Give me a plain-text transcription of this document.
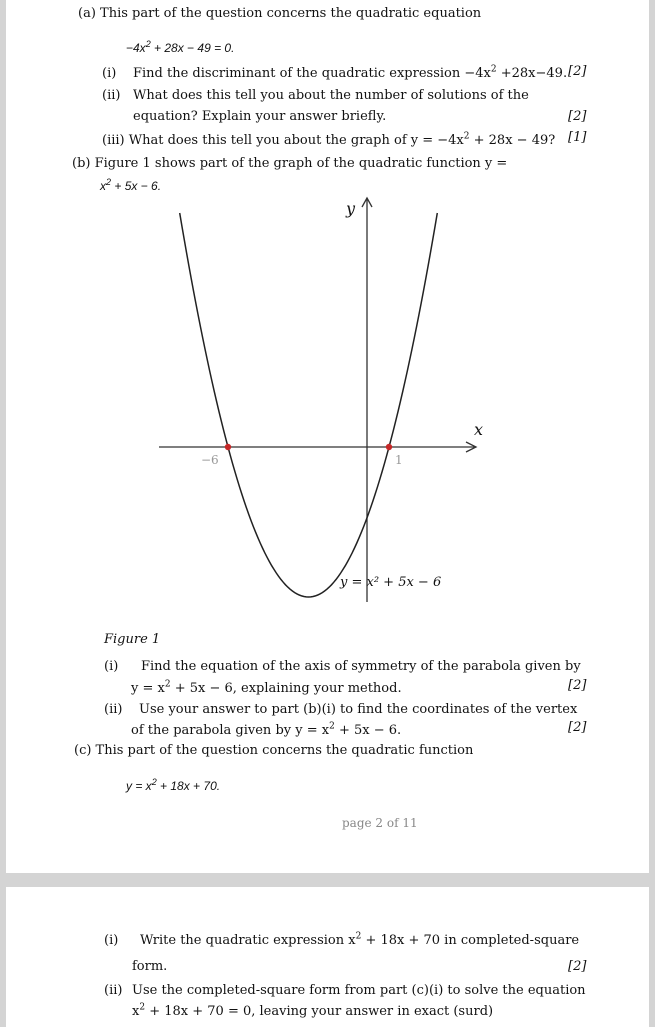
(a) This part of the question concerns the quadratic equation
$-4x^2 + 28x - 49 = 0$.
(i) Find the discriminant of the quadratic expression $-4x^2 +28x-49$. [2]
(ii) What does this tell you about the number of solutions of the
equation? Explain your answer briefly.	[2]
(iii) What does this tell you about the graph of $y = -4x^2 + 28x - 49$? [1]
(b) Figure 1 shows part of the graph of the quadratic function y =
$x^2 + 5x - 6$.
y
x
−6	1
y = x² + 5x − 6
Figure 1
(i) Find the equation of the axis of symmetry of the parabola given by
$y = x^2 + 5x - 6$, explaining your method.	[2]
(ii) Use your answer to part (b)(i) to find the coordinates of the vertex
of the parabola given by $y = x^2 + 5x - 6$.	[2]
(c) This part of the question concerns the quadratic function
$y = x^2 + 18x + 70$.
page 2 of 11
(i) Write the quadratic expression $x^2 + 18x + 70$ in completed-square
form.	[2]
(ii) Use the completed-square form from part (c)(i) to solve the equation
$x^2 + 18x + 70 = 0$, leaving your answer in exact (surd)
